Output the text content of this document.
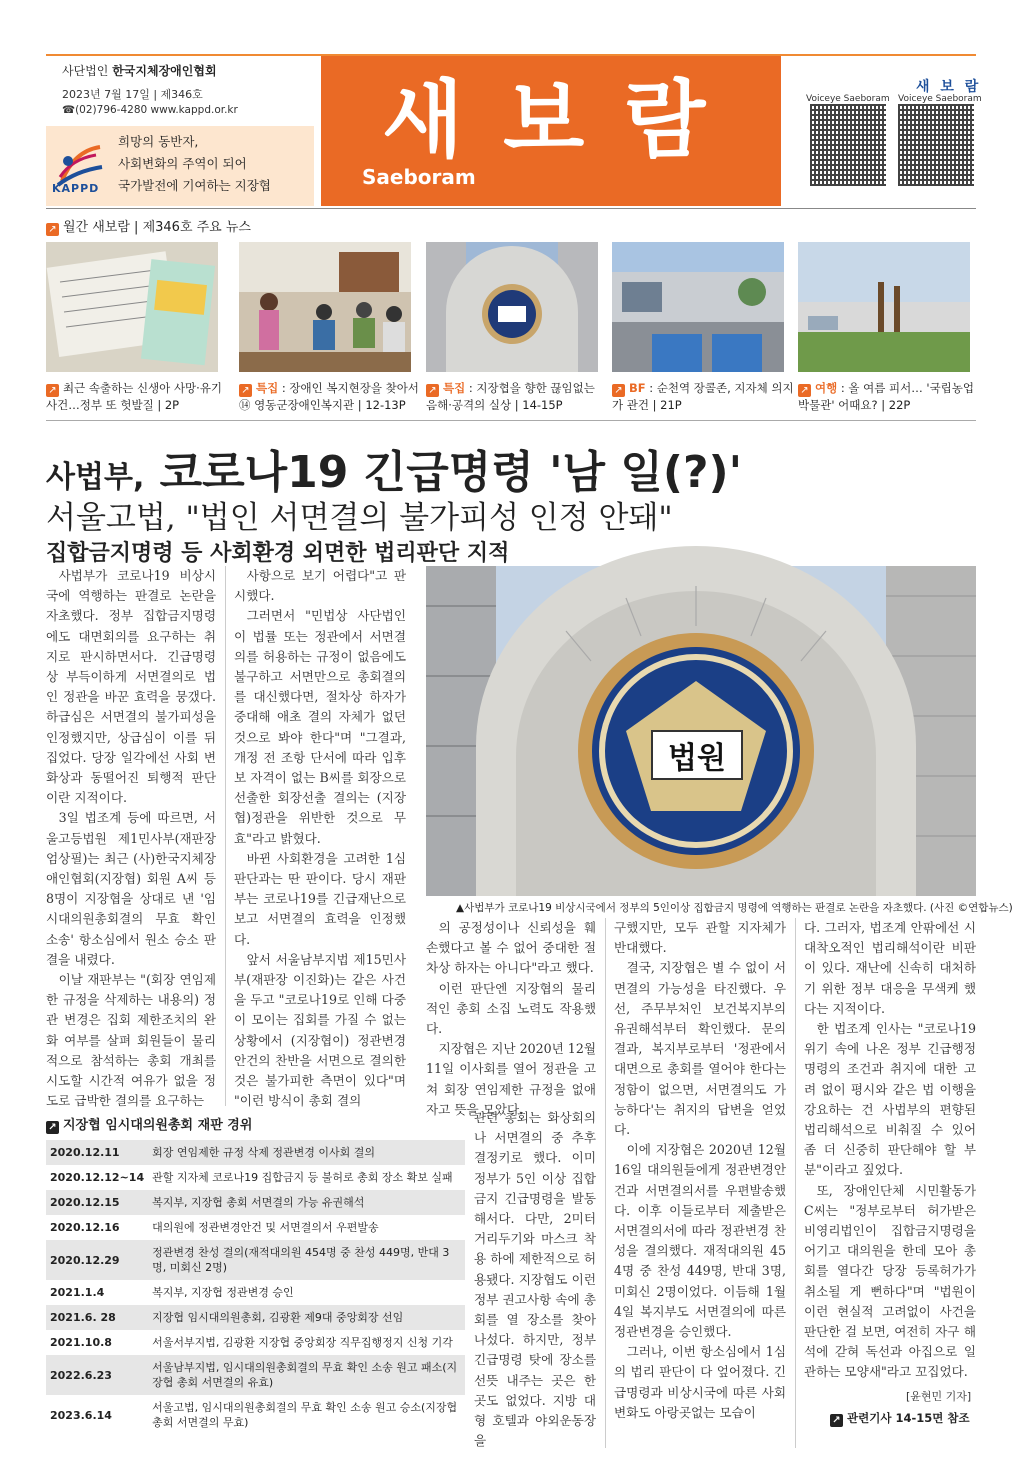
사단법인 한국지체장애인협회
2023년 7월 17일 | 제346호
☎(02)796-4280 www.kappd.or.kr
KAPPD
희망의 동반자,
사회변화의 주역이 되어
국가발전에 기여하는 지장협
새보람
Saeboram
새 보 람
Voiceye Saeboram Voiceye Saeboram
↗ 월간 새보람 | 제346호 주요 뉴스
↗ 최근 속출하는 신생아 사망·유기 사건…정부 또 헛발질 | 2P
↗ 특집 : 장애인 복지현장을 찾아서 ⑭ 영동군장애인복지관 | 12-13P
↗ 특집 : 지장협을 향한 끊임없는 음해·공격의 실상 | 14-15P
↗ BF : 순천역 장콜존, 지자체 의지가 관건 | 21P
↗ 여행 : 올 여름 피서… '국립농업박물관' 어때요? | 22P
사법부, 코로나19 긴급명령 '남 일(?)'
서울고법, "법인 서면결의 불가피성 인정 안돼"
집합금지명령 등 사회환경 외면한 법리판단 지적
사법부가 코로나19 비상시국에 역행하는 판결로 논란을 자초했다. 정부 집합금지명령에도 대면회의를 요구하는 취지로 판시하면서다. 긴급명령상 부득이하게 서면결의로 법인 정관을 바꾼 효력을 뭉갰다. 하급심은 서면결의 불가피성을 인정했지만, 상급심이 이를 뒤집었다. 당장 일각에선 사회 변화상과 동떨어진 퇴행적 판단이란 지적이다.
3일 법조계 등에 따르면, 서울고등법원 제1민사부(재판장 엄상필)는 최근 (사)한국지체장애인협회(지장협) 회원 A씨 등 8명이 지장협을 상대로 낸 '임시대의원총회결의 무효 확인 소송' 항소심에서 원소 승소 판결을 내렸다.
이날 재판부는 "(회장 연임제한 규정을 삭제하는 내용의) 정관 변경은 집회 제한조치의 완화 여부를 살펴 회원들이 물리적으로 참석하는 총회 개최를 시도할 시간적 여유가 없을 정도로 급박한 결의를 요구하는
사항으로 보기 어렵다"고 판시했다.
그러면서 "민법상 사단법인이 법률 또는 정관에서 서면결의를 허용하는 규정이 없음에도 불구하고 서면만으로 총회결의를 대신했다면, 절차상 하자가 중대해 애초 결의 자체가 없던 것으로 봐야 한다"며 "그결과, 개정 전 조항 단서에 따라 입후보 자격이 없는 B씨를 회장으로 선출한 회장선출 결의는 (지장협)정관을 위반한 것으로 무효"라고 밝혔다.
바뀐 사회환경을 고려한 1심 판단과는 딴 판이다. 당시 재판부는 코로나19를 긴급재난으로 보고 서면결의 효력을 인정했다.
앞서 서울남부지법 제15민사부(재판장 이진화)는 같은 사건을 두고 "코로나19로 인해 다중이 모이는 집회를 가질 수 없는 상황에서 (지장협이) 정관변경안건의 찬반을 서면으로 결의한 것은 불가피한 측면이 있다"며 "이런 방식이 총회 결의
법원
▲사법부가 코로나19 비상시국에서 정부의 5인이상 집합금지 명령에 역행하는 판결로 논란을 자초했다. (사진 ©연합뉴스)
의 공정성이나 신뢰성을 훼손했다고 볼 수 없어 중대한 절차상 하자는 아니다"라고 했다.
이런 판단엔 지장협의 물리적인 총회 소집 노력도 작용했다.
지장협은 지난 2020년 12월 11일 이사회를 열어 정관을 고쳐 회장 연임제한 규정을 없애자고 뜻을 모았다.
관련 총회는 화상회의나 서면결의 중 추후 결정키로 했다. 이미 정부가 5인 이상 집합금지 긴급명령을 발동해서다. 다만, 2미터 거리두기와 마스크 착용 하에 제한적으로 허용됐다. 지장협도 이런 정부 권고사항 속에 총회를 열 장소를 찾아 나섰다. 하지만, 정부 긴급명령 탓에 장소를 선뜻 내주는 곳은 한 곳도 없었다. 지방 대형 호텔과 야외운동장을
구했지만, 모두 관할 지자체가 반대했다.
결국, 지장협은 별 수 없이 서면결의 가능성을 타진했다. 우선, 주무부처인 보건복지부의 유권해석부터 확인했다. 문의 결과, 복지부로부터 '정관에서 대면으로 총회를 열어야 한다는 정함이 없으면, 서면결의도 가능하다'는 취지의 답변을 얻었다.
이에 지장협은 2020년 12월 16일 대의원들에게 정관변경안건과 서면결의서를 우편발송했다. 이후 이들로부터 제출받은 서면결의서에 따라 정관변경 찬성을 결의했다. 재적대의원 454명 중 찬성 449명, 반대 3명, 미회신 2명이었다. 이듬해 1월 4일 복지부도 서면결의에 따른 정관변경을 승인했다.
그러나, 이번 항소심에서 1심의 법리 판단이 다 엎어졌다. 긴급명령과 비상시국에 따른 사회변화도 아랑곳없는 모습이
다. 그러자, 법조계 안팎에선 시대착오적인 법리해석이란 비판이 있다. 재난에 신속히 대처하기 위한 정부 대응을 무색케 했다는 지적이다.
한 법조계 인사는 "코로나19 위기 속에 나온 정부 긴급행정명령의 조건과 취지에 대한 고려 없이 평시와 같은 법 이행을 강요하는 건 사법부의 편향된 법리해석으로 비춰질 수 있어 좀 더 신중히 판단해야 할 부분"이라고 짚었다.
또, 장애인단체 시민활동가 C씨는 "정부로부터 허가받은 비영리법인이 집합금지명령을 어기고 대의원을 한데 모아 총회를 열다간 당장 등록허가가 취소될 게 뻔하다"며 "법원이 이런 현실적 고려없이 사건을 판단한 걸 보면, 여전히 자구 해석에 갇혀 독선과 아집으로 일관하는 모양새"라고 꼬집었다.
[윤현민 기자]
↗ 관련기사 14-15면 참조
↗ 지장협 임시대의원총회 재판 경위
2020.12.11	회장 연임제한 규정 삭제 정관변경 이사회 결의
2020.12.12~14	관할 지자체 코로나19 집합금지 등 불허로 총회 장소 확보 실패
2020.12.15	복지부, 지장협 총회 서면결의 가능 유권해석
2020.12.16	대의원에 정관변경안건 및 서면결의서 우편발송
2020.12.29	정관변경 찬성 결의(재적대의원 454명 중 찬성 449명, 반대 3명, 미회신 2명)
2021.1.4	복지부, 지장협 정관변경 승인
2021.6. 28	지장협 임시대의원총회, 김광환 제9대 중앙회장 선임
2021.10.8	서울서부지법, 김광환 지장협 중앙회장 직무집행정지 신청 기각
2022.6.23	서울남부지법, 임시대의원총회결의 무효 확인 소송 원고 패소(지장협 총회 서면결의 유효)
2023.6.14	서울고법, 임시대의원총회결의 무효 확인 소송 원고 승소(지장협 총회 서면결의 무효)
